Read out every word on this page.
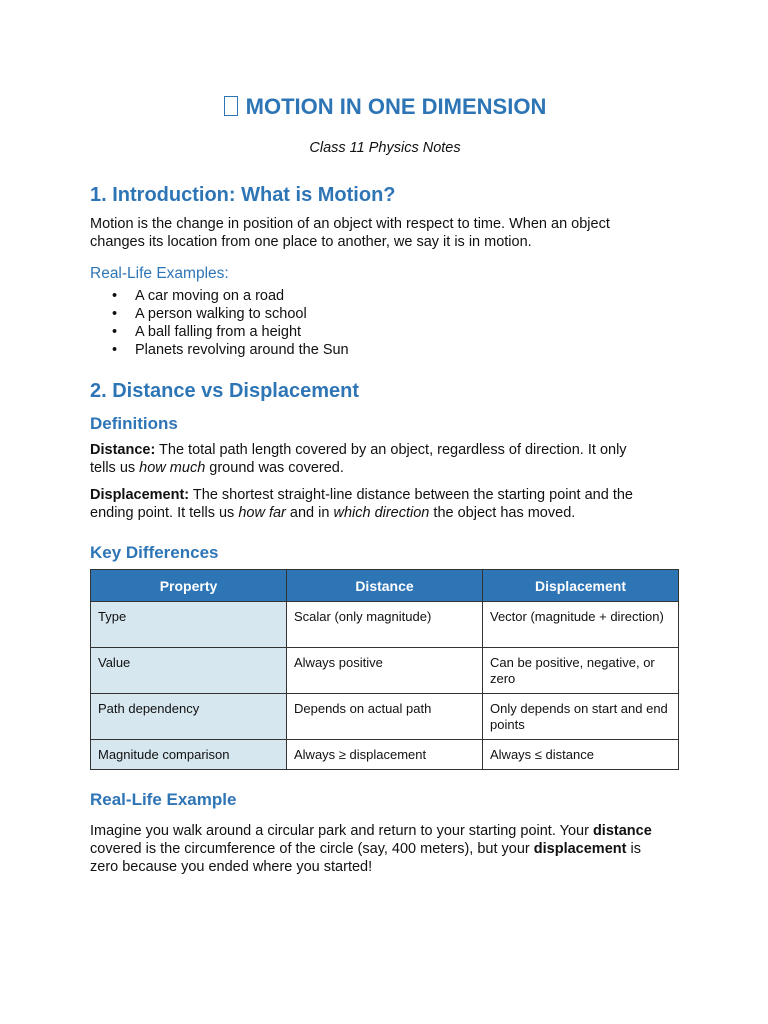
MOTION IN ONE DIMENSION
Class 11 Physics Notes
1. Introduction: What is Motion?

Motion is the change in position of an object with respect to time. When an object
changes its location from one place to another, we say it is in motion.

Real-Life Examples:
• A car moving on a road
• A person walking to school
• A ball falling from a height
• Planets revolving around the Sun
2. Distance vs Displacement
Definitions

Distance: The total path length covered by an object, regardless of direction. It only
tells us how much ground was covered.

Displacement: The shortest straight-line distance between the starting point and the
ending point. It tells us how far and in which direction the object has moved.

Key Differences
Property	Distance	Displacement
Type	Scalar (only magnitude)	Vector (magnitude + direction)
Value	Always positive	Can be positive, negative, or zero
Path dependency	Depends on actual path	Only depends on start and end points
Magnitude comparison	Always ≥ displacement	Always ≤ distance
Real-Life Example

Imagine you walk around a circular park and return to your starting point. Your distance
covered is the circumference of the circle (say, 400 meters), but your displacement is
zero because you ended where you started!
